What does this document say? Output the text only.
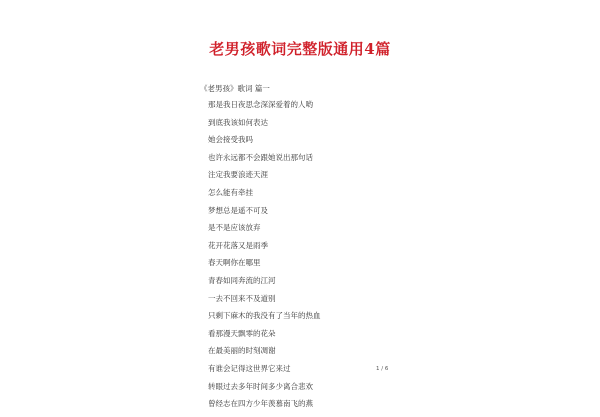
老男孩歌词完整版通用4篇
《老男孩》歌词 篇一
那是我日夜思念深深爱着的人哟
到底我该如何表达
她会接受我吗
也许永远都不会跟她说出那句话
注定我要浪迹天涯
怎么能有牵挂
梦想总是遥不可及
是不是应该放弃
花开花落又是雨季
春天啊你在哪里
青春如同奔流的江河
一去不回来不及道别
只剩下麻木的我没有了当年的热血
看那漫天飘零的花朵
在最美丽的时刻凋谢
有谁会记得这世界它来过
转眼过去多年时间多少离合悲欢
曾经志在四方少年羡慕南飞的燕
1 / 6
